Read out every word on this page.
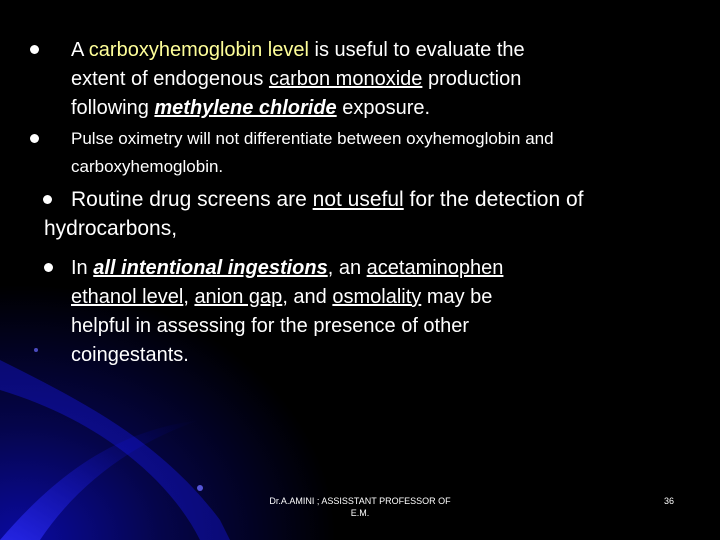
A carboxyhemoglobin level is useful to evaluate the
extent of endogenous carbon monoxide production
following methylene chloride exposure.
Pulse oximetry will not differentiate between oxyhemoglobin and
carboxyhemoglobin.
Routine drug screens are not useful for the detection of
hydrocarbons,
In all intentional ingestions, an acetaminophen
ethanol level, anion gap, and osmolality may be
helpful in assessing for the presence of other
coingestants.
Dr.A.AMINI ; ASSISSTANT PROFESSOR OF
E.M.
36
